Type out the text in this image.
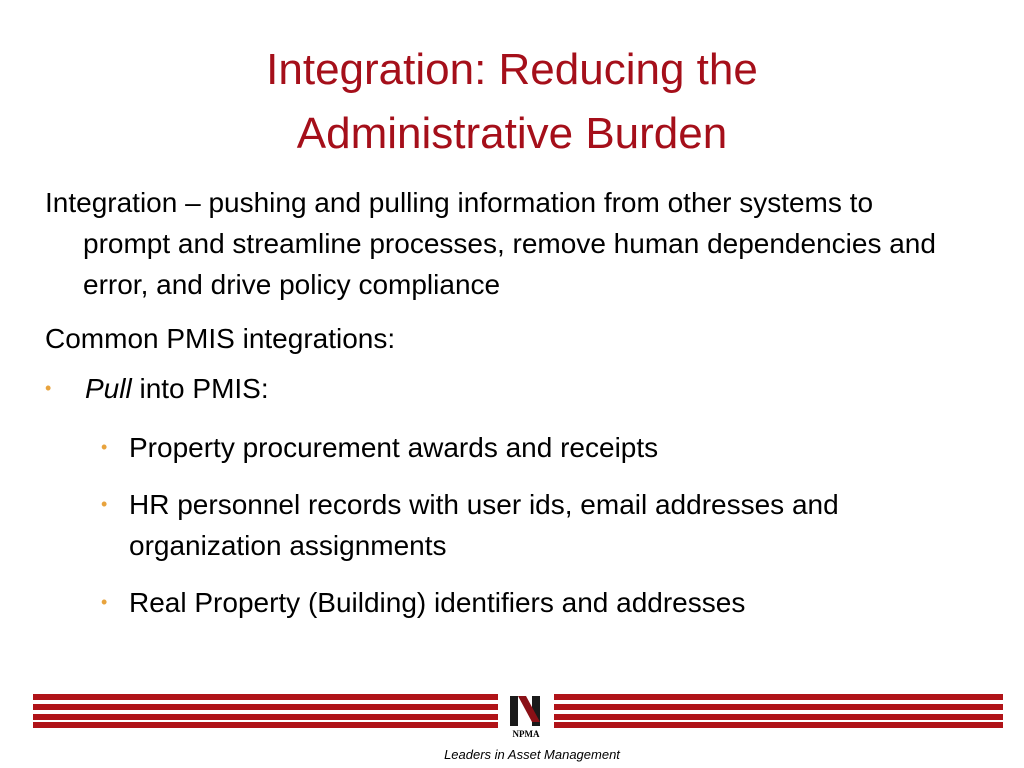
Integration: Reducing the
Administrative Burden
Integration – pushing and pulling information from other systems to prompt and streamline processes, remove human dependencies and error, and drive policy compliance
Common PMIS integrations:
• Pull into PMIS:
• Property procurement awards and receipts
• HR personnel records with user ids, email addresses and organization assignments
• Real Property (Building) identifiers and addresses
NPMA
Leaders in Asset Management
